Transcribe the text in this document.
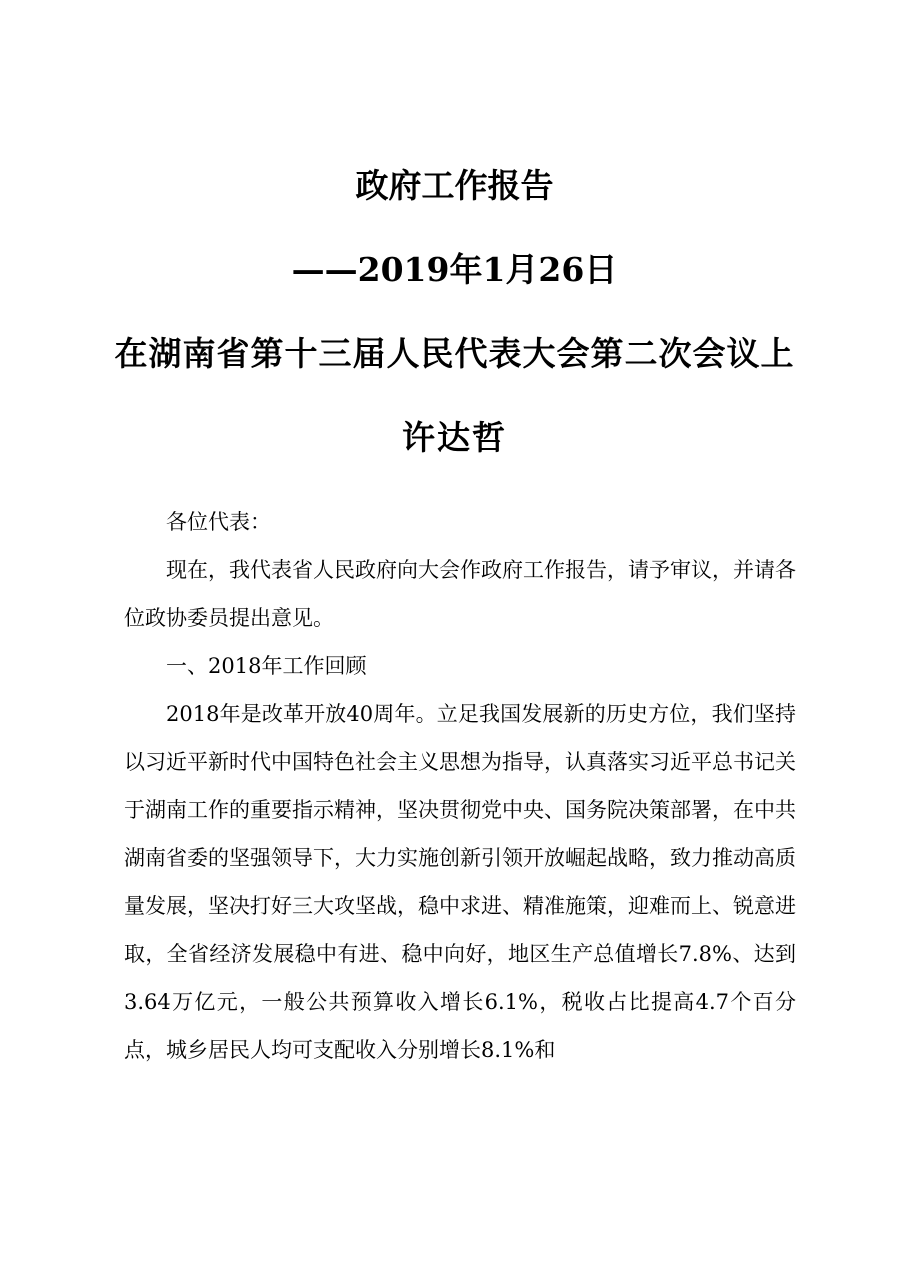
政府工作报告
——2019年1月26日
在湖南省第十三届人民代表大会第二次会议上
许达哲

各位代表：

现在，我代表省人民政府向大会作政府工作报告，请予审议，并请各位政协委员提出意见。

一、2018年工作回顾

2018年是改革开放40周年。立足我国发展新的历史方位，我们坚持以习近平新时代中国特色社会主义思想为指导，认真落实习近平总书记关于湖南工作的重要指示精神，坚决贯彻党中央、国务院决策部署，在中共湖南省委的坚强领导下，大力实施创新引领开放崛起战略，致力推动高质量发展，坚决打好三大攻坚战，稳中求进、精准施策，迎难而上、锐意进取，全省经济发展稳中有进、稳中向好，地区生产总值增长7.8%、达到3.64万亿元，一般公共预算收入增长6.1%，税收占比提高4.7个百分点，城乡居民人均可支配收入分别增长8.1%和
